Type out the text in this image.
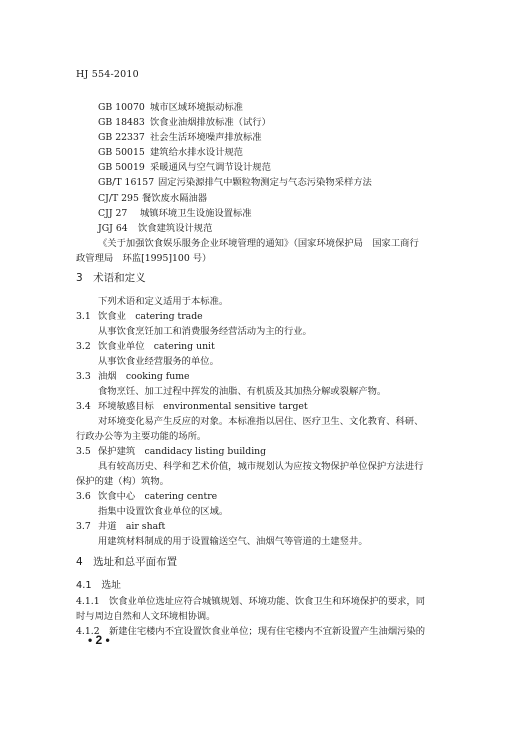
HJ 554-2010
GB 10070 城市区域环境振动标准
GB 18483 饮食业油烟排放标准（试行）
GB 22337 社会生活环境噪声排放标准
GB 50015 建筑给水排水设计规范
GB 50019 采暖通风与空气调节设计规范
GB/T 16157 固定污染源排气中颗粒物测定与气态污染物采样方法
CJ/T 295 餐饮废水隔油器
CJJ 27 城镇环境卫生设施设置标准
JGJ 64 饮食建筑设计规范
《关于加强饮食娱乐服务企业环境管理的通知》（国家环境保护局　国家工商行
政管理局　环监[1995]100 号）
3　术语和定义
下列术语和定义适用于本标准。
3.1 饮食业　catering trade
从事饮食烹饪加工和消费服务经营活动为主的行业。
3.2 饮食业单位　catering unit
从事饮食业经营服务的单位。
3.3 油烟　cooking fume
食物烹饪、加工过程中挥发的油脂、有机质及其加热分解或裂解产物。
3.4 环境敏感目标　environmental sensitive target
对环境变化易产生反应的对象。本标准指以居住、医疗卫生、文化教育、科研、
行政办公等为主要功能的场所。
3.5 保护建筑　candidacy listing building
具有较高历史、科学和艺术价值，城市规划认为应按文物保护单位保护方法进行
保护的建（构）筑物。
3.6 饮食中心　catering centre
指集中设置饮食业单位的区域。
3.7 井道　air shaft
用建筑材料制成的用于设置输送空气、油烟气等管道的土建竖井。
4　选址和总平面布置
4.1　选址
4.1.1　饮食业单位选址应符合城镇规划、环境功能、饮食卫生和环境保护的要求，同
时与周边自然和人文环境相协调。
4.1.2　新建住宅楼内不宜设置饮食业单位；现有住宅楼内不宜新设置产生油烟污染的
• 2 •
